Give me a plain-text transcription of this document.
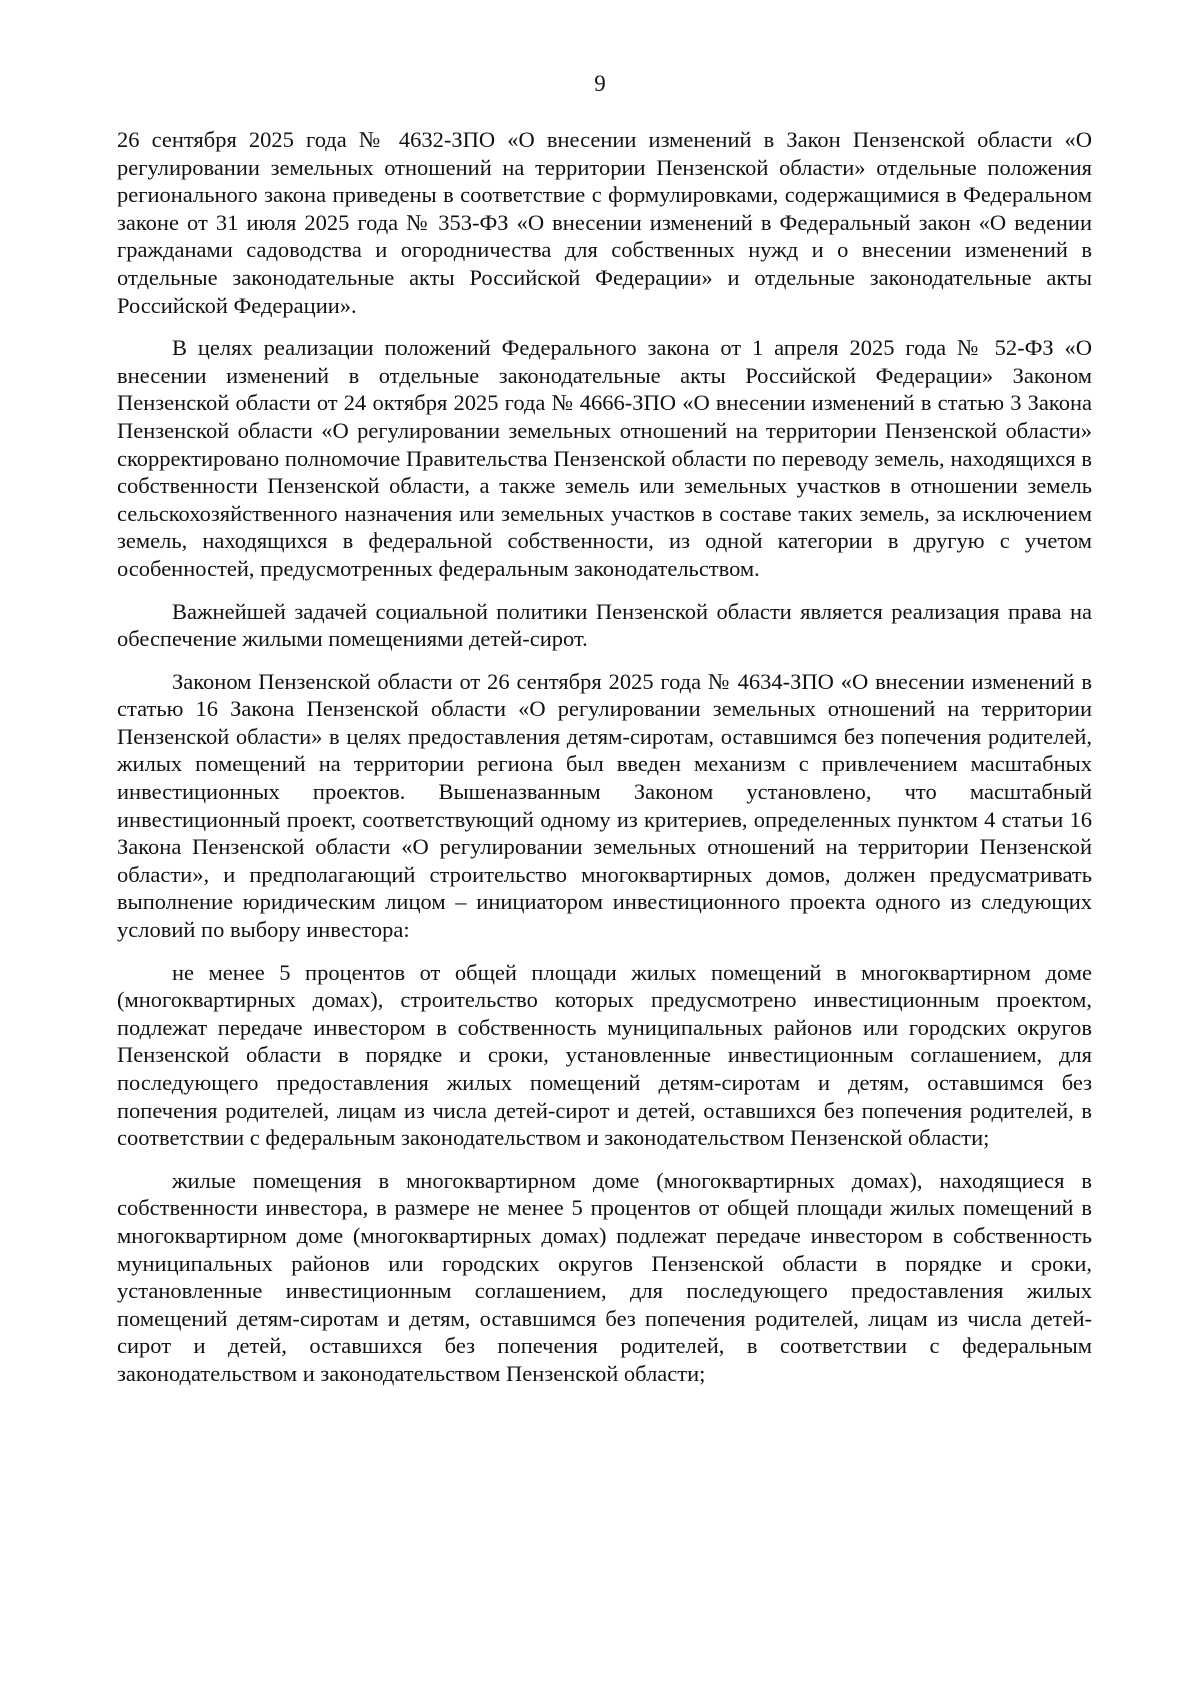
9

26 сентября 2025 года № 4632-ЗПО «О внесении изменений в Закон Пензенской области «О регулировании земельных отношений на территории Пензенской области» отдельные положения регионального закона приведены в соответствие с формулировками, содержащимися в Федеральном законе от 31 июля 2025 года № 353-ФЗ «О внесении изменений в Федеральный закон «О ведении гражданами садоводства и огородничества для собственных нужд и о внесении изменений в отдельные законодательные акты Российской Федерации» и отдельные законодательные акты Российской Федерации».

В целях реализации положений Федерального закона от 1 апреля 2025 года № 52-ФЗ «О внесении изменений в отдельные законодательные акты Российской Федерации» Законом Пензенской области от 24 октября 2025 года № 4666-ЗПО «О внесении изменений в статью 3 Закона Пензенской области «О регулировании земельных отношений на территории Пензенской области» скорректировано полномочие Правительства Пензенской области по переводу земель, находящихся в собственности Пензенской области, а также земель или земельных участков в отношении земель сельскохозяйственного назначения или земельных участков в составе таких земель, за исключением земель, находящихся в федеральной собственности, из одной категории в другую с учетом особенностей, предусмотренных федеральным законодательством.

Важнейшей задачей социальной политики Пензенской области является реализация права на обеспечение жилыми помещениями детей-сирот.

Законом Пензенской области от 26 сентября 2025 года № 4634-ЗПО «О внесении изменений в статью 16 Закона Пензенской области «О регулировании земельных отношений на территории Пензенской области» в целях предоставления детям-сиротам, оставшимся без попечения родителей, жилых помещений на территории региона был введен механизм с привлечением масштабных инвестиционных проектов. Вышеназванным Законом установлено, что масштабный инвестиционный проект, соответствующий одному из критериев, определенных пунктом 4 статьи 16 Закона Пензенской области «О регулировании земельных отношений на территории Пензенской области», и предполагающий строительство многоквартирных домов, должен предусматривать выполнение юридическим лицом – инициатором инвестиционного проекта одного из следующих условий по выбору инвестора:

не менее 5 процентов от общей площади жилых помещений в многоквартирном доме (многоквартирных домах), строительство которых предусмотрено инвестиционным проектом, подлежат передаче инвестором в собственность муниципальных районов или городских округов Пензенской области в порядке и сроки, установленные инвестиционным соглашением, для последующего предоставления жилых помещений детям-сиротам и детям, оставшимся без попечения родителей, лицам из числа детей-сирот и детей, оставшихся без попечения родителей, в соответствии с федеральным законодательством и законодательством Пензенской области;

жилые помещения в многоквартирном доме (многоквартирных домах), находящиеся в собственности инвестора, в размере не менее 5 процентов от общей площади жилых помещений в многоквартирном доме (многоквартирных домах) подлежат передаче инвестором в собственность муниципальных районов или городских округов Пензенской области в порядке и сроки, установленные инвестиционным соглашением, для последующего предоставления жилых помещений детям-сиротам и детям, оставшимся без попечения родителей, лицам из числа детей-сирот и детей, оставшихся без попечения родителей, в соответствии с федеральным законодательством и законодательством Пензенской области;
